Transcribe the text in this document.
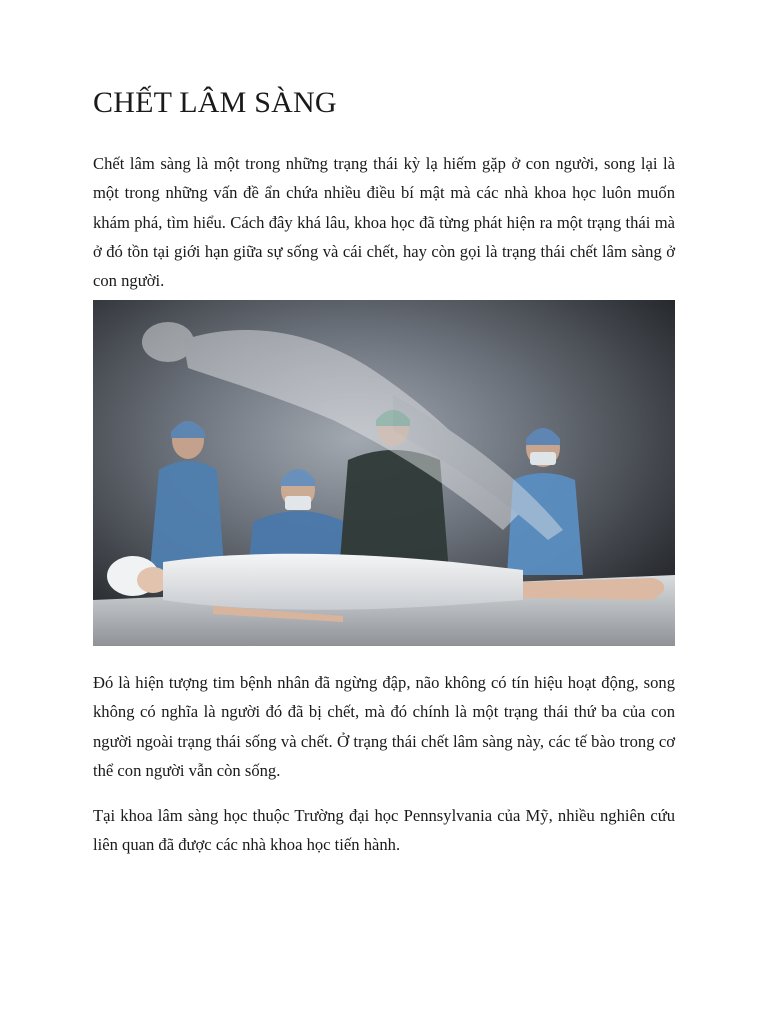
CHẾT LÂM SÀNG

Chết lâm sàng là một trong những trạng thái kỳ lạ hiếm gặp ở con người, song lại là một trong những vấn đề ẩn chứa nhiều điều bí mật mà các nhà khoa học luôn muốn khám phá, tìm hiểu. Cách đây khá lâu, khoa học đã từng phát hiện ra một trạng thái mà ở đó tồn tại giới hạn giữa sự sống và cái chết, hay còn gọi là trạng thái chết lâm sàng ở con người.

Đó là hiện tượng tim bệnh nhân đã ngừng đập, não không có tín hiệu hoạt động, song không có nghĩa là người đó đã bị chết, mà đó chính là một trạng thái thứ ba của con người ngoài trạng thái sống và chết. Ở trạng thái chết lâm sàng này, các tế bào trong cơ thể con người vẫn còn sống.

Tại khoa lâm sàng học thuộc Trường đại học Pennsylvania của Mỹ, nhiều nghiên cứu liên quan đã được các nhà khoa học tiến hành.
